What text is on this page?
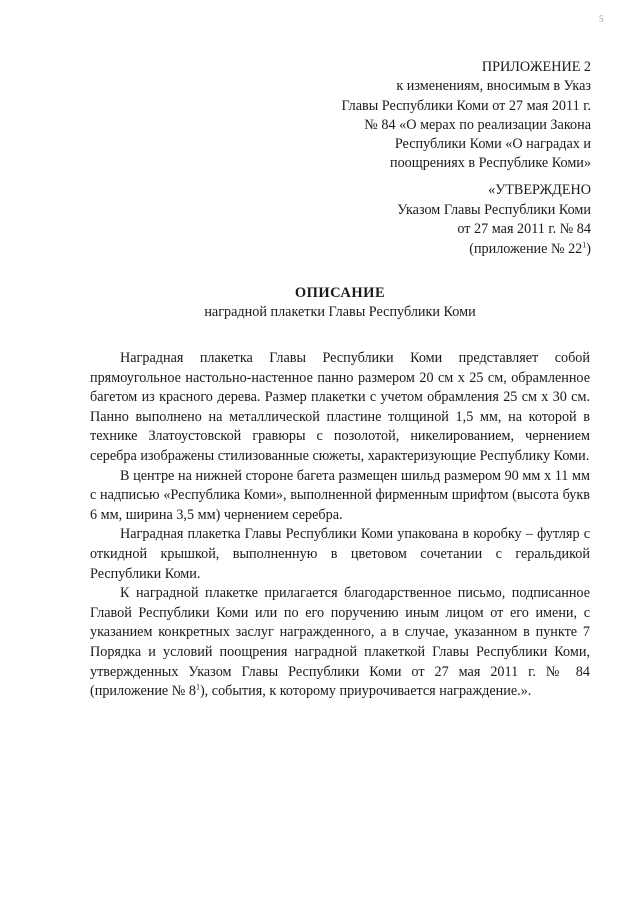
5
ПРИЛОЖЕНИЕ 2
к изменениям, вносимым в Указ
Главы Республики Коми от 27 мая 2011 г.
№ 84 «О мерах по реализации Закона
Республики Коми «О наградах и
поощрениях в Республике Коми»
«УТВЕРЖДЕНО
Указом Главы Республики Коми
от 27 мая 2011 г. № 84
(приложение № $22^1$)
ОПИСАНИЕ
наградной плакетки Главы Республики Коми

Наградная плакетка Главы Республики Коми представляет собой прямоугольное настольно-настенное панно размером 20 см х 25 см, обрамленное багетом из красного дерева. Размер плакетки с учетом обрамления 25 см х 30 см. Панно выполнено на металлической пластине толщиной 1,5 мм, на которой в технике Златоустовской гравюры с позолотой, никелированием, чернением серебра изображены стилизованные сюжеты, характеризующие Республику Коми.

В центре на нижней стороне багета размещен шильд размером 90 мм х 11 мм с надписью «Республика Коми», выполненной фирменным шрифтом (высота букв 6 мм, ширина 3,5 мм) чернением серебра.

Наградная плакетка Главы Республики Коми упакована в коробку – футляр с откидной крышкой, выполненную в цветовом сочетании с геральдикой Республики Коми.

К наградной плакетке прилагается благодарственное письмо, подписанное Главой Республики Коми или по его поручению иным лицом от его имени, с указанием конкретных заслуг награжденного, а в случае, указанном в пункте 7 Порядка и условий поощрения наградной плакеткой Главы Республики Коми, утвержденных Указом Главы Республики Коми от 27 мая 2011 г. № 84 (приложение № $8^1$), события, к которому приурочивается награждение.».
